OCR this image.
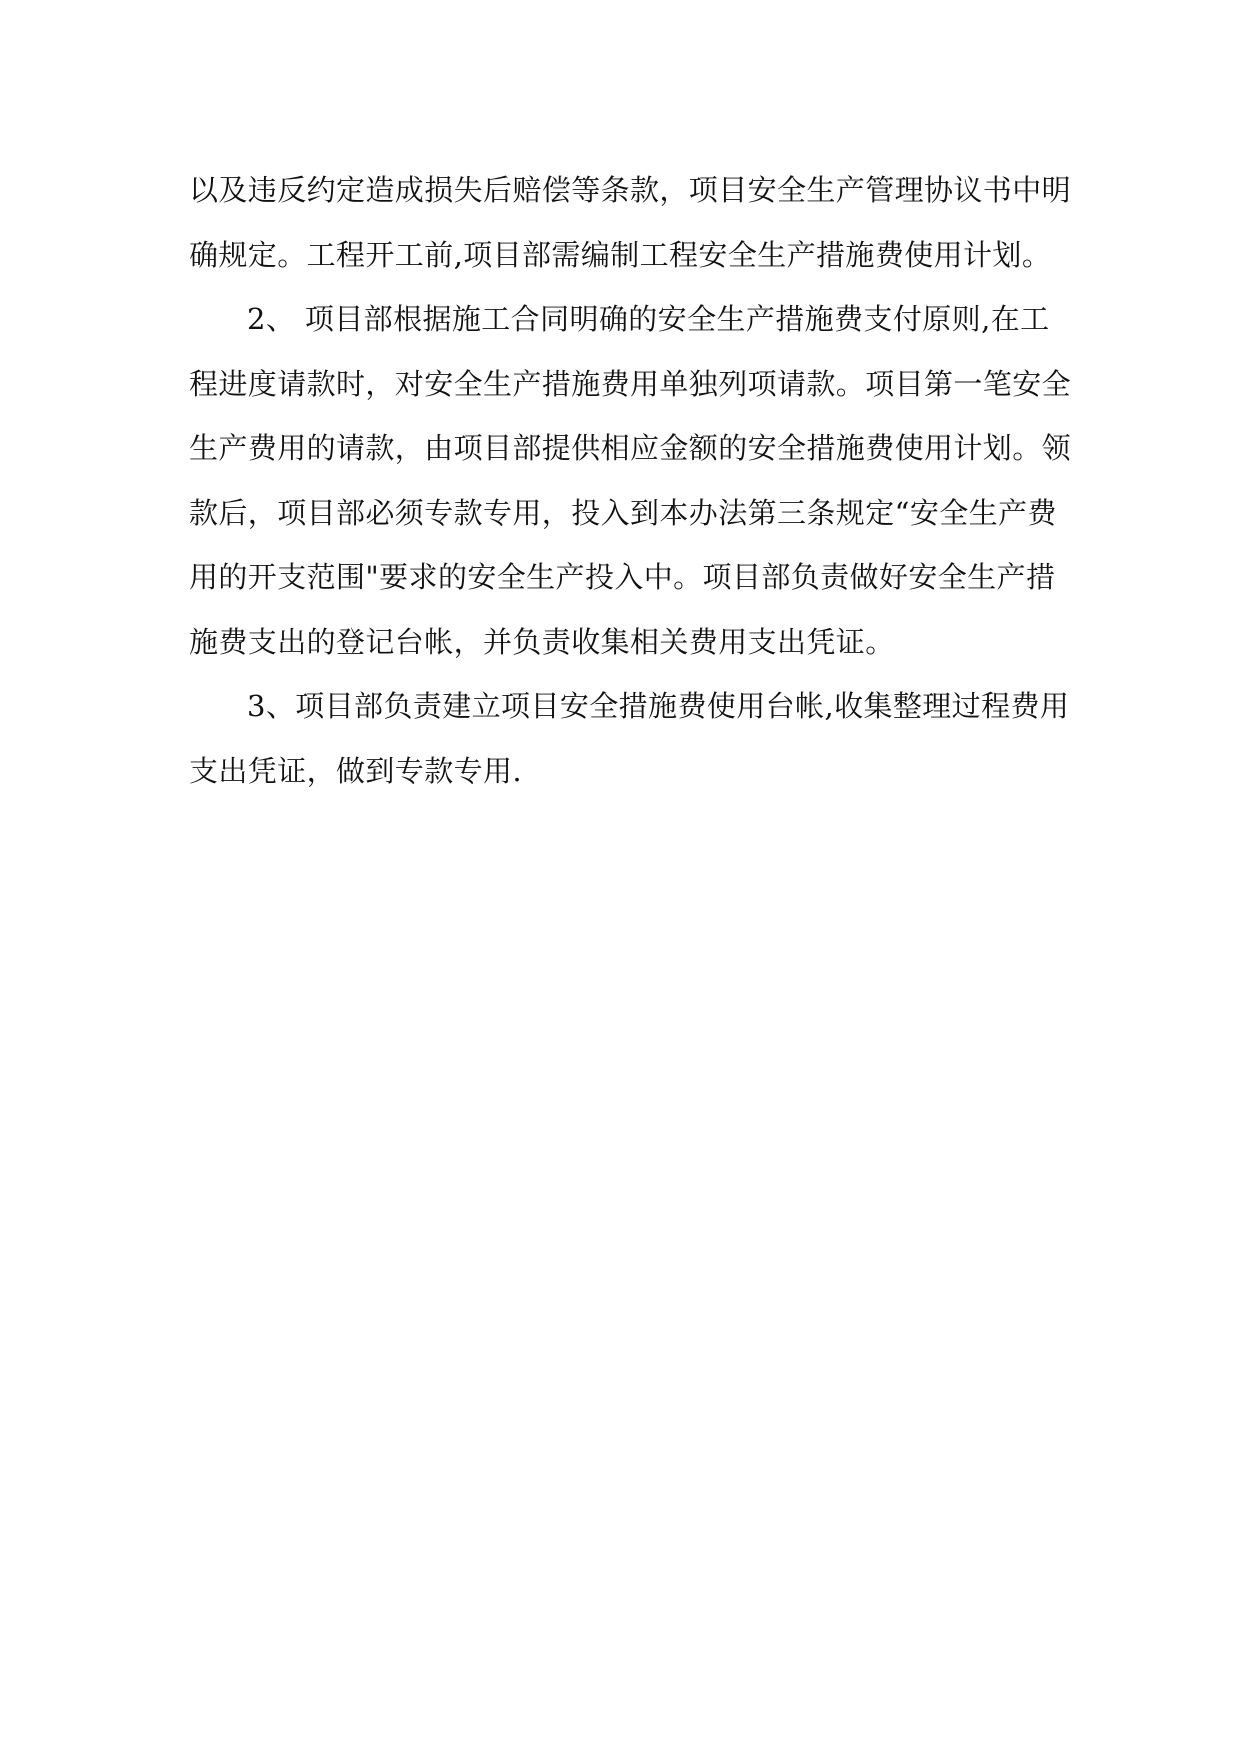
以及违反约定造成损失后赔偿等条款，项目安全生产管理协议书中明
确规定。工程开工前,项目部需编制工程安全生产措施费使用计划。
2、 项目部根据施工合同明确的安全生产措施费支付原则,在工
程进度请款时，对安全生产措施费用单独列项请款。项目第一笔安全
生产费用的请款，由项目部提供相应金额的安全措施费使用计划。领
款后，项目部必须专款专用，投入到本办法第三条规定“安全生产费
用的开支范围"要求的安全生产投入中。项目部负责做好安全生产措
施费支出的登记台帐，并负责收集相关费用支出凭证。
3、项目部负责建立项目安全措施费使用台帐,收集整理过程费用
支出凭证，做到专款专用.
